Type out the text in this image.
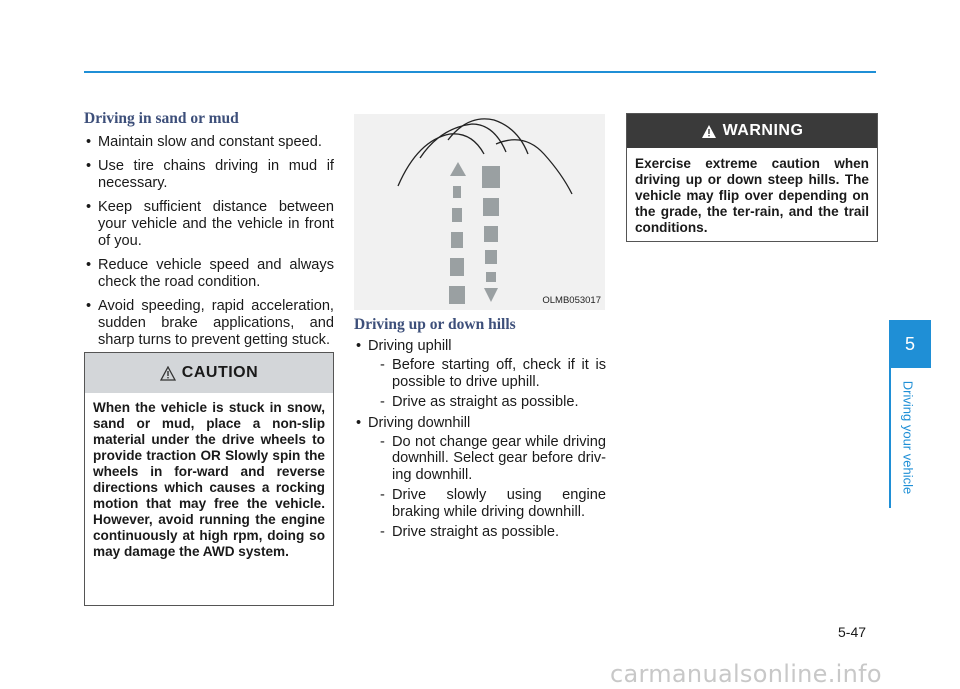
Driving in sand or mud
• Maintain slow and constant speed.
• Use tire chains driving in mud if necessary.
• Keep sufficient distance between your vehicle and the vehicle in front of you.
• Reduce vehicle speed and always check the road condition.
• Avoid speeding, rapid acceleration, sudden brake applications, and sharp turns to prevent getting stuck.
CAUTION
When the vehicle is stuck in snow, sand or mud, place a non-slip material under the drive wheels to provide traction OR Slowly spin the wheels in for-ward and reverse directions which causes a rocking motion that may free the vehicle. However, avoid running the engine continuously at high rpm, doing so may damage the AWD system.
OLMB053017
Driving up or down hills
• Driving uphill
- Before starting off, check if it is possible to drive uphill.
- Drive as straight as possible.
• Driving downhill
- Do not change gear while driving downhill. Select gear before driv-ing downhill.
- Drive slowly using engine braking while driving downhill.
- Drive straight as possible.
WARNING
Exercise extreme caution when driving up or down steep hills. The vehicle may flip over depending on the grade, the ter-rain, and the trail conditions.
5
Driving your vehicle
5-47
carmanualsonline.info
